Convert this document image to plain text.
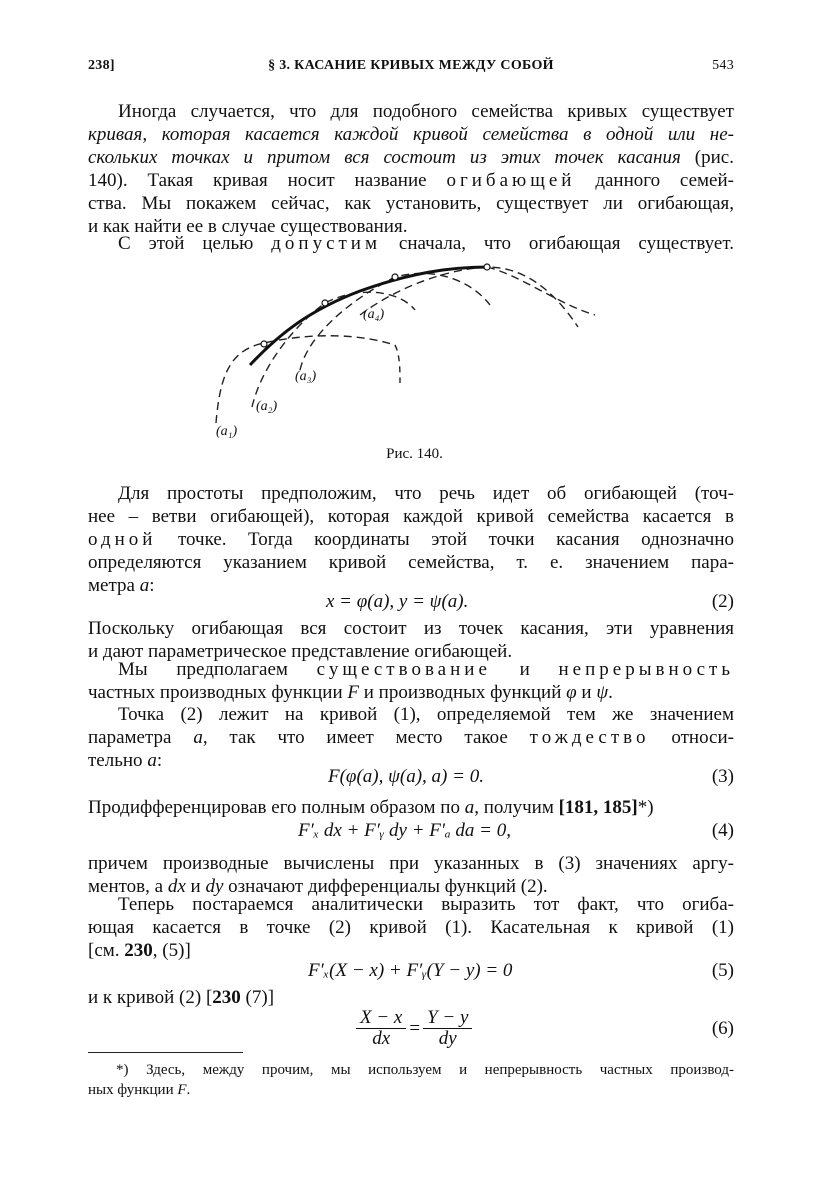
238]	§ 3. КАСАНИЕ КРИВЫХ МЕЖДУ СОБОЙ	543
Иногда случается, что для подобного семейства кривых существует
кривая, которая касается каждой кривой семейства в одной или не-
скольких точках и притом вся состоит из этих точек касания (рис.
140). Такая кривая носит название огибающей данного семей-
ства. Мы покажем сейчас, как установить, существует ли огибающая,
и как найти ее в случае существования.
С этой целью допустим сначала, что огибающая существует.
(a₁)
(a₂)
(a₃)
(a₄)
Рис. 140.
Для простоты предположим, что речь идет об огибающей (точ-
нее – ветви огибающей), которая каждой кривой семейства касается в
одной точке. Тогда координаты этой точки касания однозначно
определяются указанием кривой семейства, т. е. значением пара-
метра a:
x = φ(a), y = ψ(a).	(2)
Поскольку огибающая вся состоит из точек касания, эти уравнения
и дают параметрическое представление огибающей.
Мы предполагаем существование и непрерывность
частных производных функции F и производных функций φ и ψ.
Точка (2) лежит на кривой (1), определяемой тем же значением
параметра a, так что имеет место такое тождество относи-
тельно a:
F(φ(a), ψ(a), a) = 0.	(3)
Продифференцировав его полным образом по a, получим [181, 185]*)
F′ₓ dx + F′ᵧ dy + F′ₐ da = 0,	(4)
причем производные вычислены при указанных в (3) значениях аргу-
ментов, а dx и dy означают дифференциалы функций (2).
Теперь постараемся аналитически выразить тот факт, что огиба-
ющая касается в точке (2) кривой (1). Касательная к кривой (1)
[см. 230, (5)]
F′ₓ(X − x) + F′ᵧ(Y − y) = 0	(5)
и к кривой (2) [230 (7)]
$\frac{X - x}{dx} = \frac{Y - y}{dy}$	(6)
*) Здесь, между прочим, мы используем и непрерывность частных производ-
ных функции F.
